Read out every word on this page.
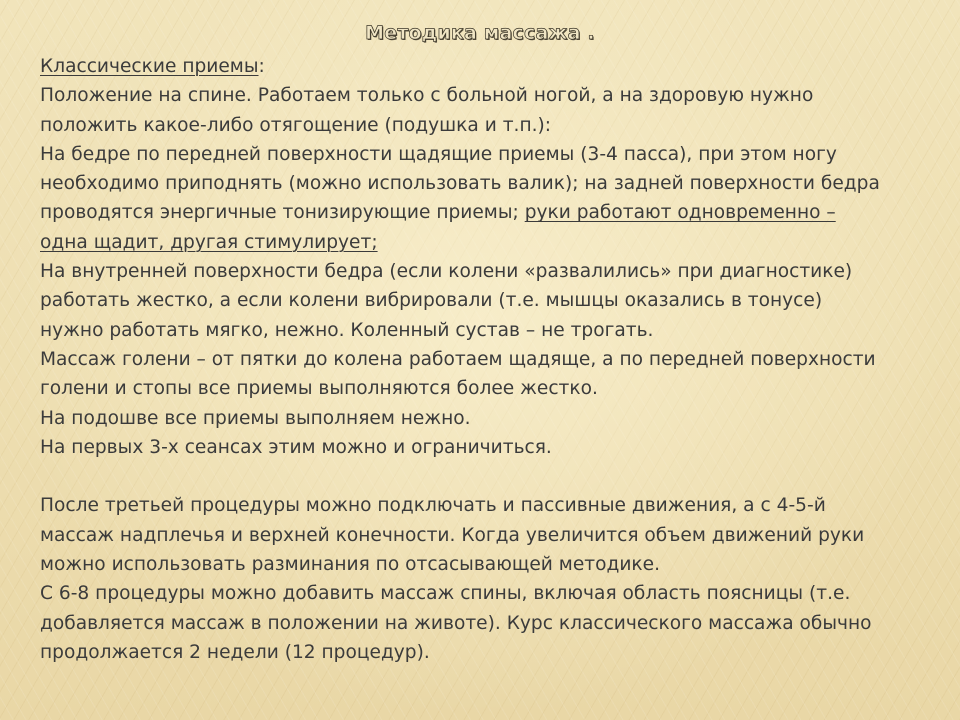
Методика массажа .
Классические приемы:
Положение на спине. Работаем только с больной ногой, а на здоровую нужно
положить какое-либо отягощение (подушка и т.п.):
На бедре по передней поверхности щадящие приемы (3-4 пасса), при этом ногу
необходимо приподнять (можно использовать валик); на задней поверхности бедра
проводятся энергичные тонизирующие приемы; руки работают одновременно –
одна щадит, другая стимулирует;
На внутренней поверхности бедра (если колени «развалились» при диагностике)
работать жестко, а если колени вибрировали (т.е. мышцы оказались в тонусе)
нужно работать мягко, нежно. Коленный сустав – не трогать.
Массаж голени – от пятки до колена работаем щадяще, а по передней поверхности
голени и стопы все приемы выполняются более жестко.
На подошве все приемы выполняем нежно.
На первых 3-х сеансах этим можно и ограничиться.
После третьей процедуры можно подключать и пассивные движения, а с 4-5-й
массаж надплечья и верхней конечности. Когда увеличится объем движений руки
можно использовать разминания по отсасывающей методике.
С 6-8 процедуры можно добавить массаж спины, включая область поясницы (т.е.
добавляется массаж в положении на животе). Курс классического массажа обычно
продолжается 2 недели (12 процедур).
